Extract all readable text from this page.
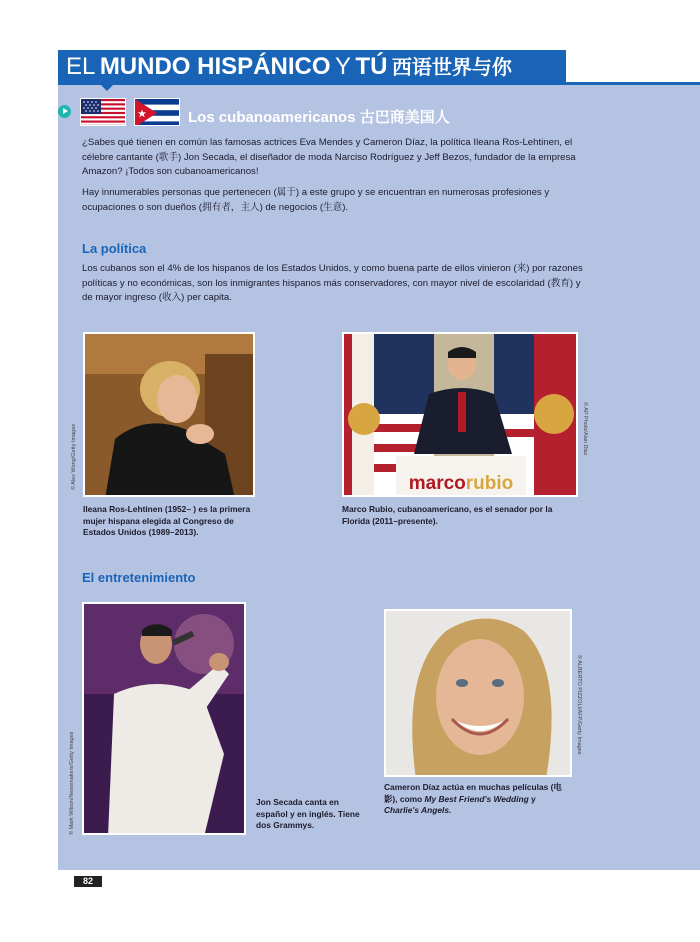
EL MUNDO HISPÁNICO Y TÚ 西语世界与你
Los cubanoamericanos 古巴商美国人

¿Sabes qué tienen en común las famosas actrices Eva Mendes y Cameron Díaz, la política Ileana Ros-Lehtinen, el célebre cantante (歌手) Jon Secada, el diseñador de moda Narciso Rodríguez y Jeff Bezos, fundador de la empresa Amazon? ¡Todos son cubanoamericanos!

Hay innumerables personas que pertenecen (属于) a este grupo y se encuentran en numerosas profesiones y ocupaciones o son dueños (拥有者，主人) de negocios (生意).

La política

Los cubanos son el 4% de los hispanos de los Estados Unidos, y como buena parte de ellos vinieron (来) por razones políticas y no económicas, son los inmigrantes hispanos más conservadores, con mayor nivel de escolaridad (教育) y de mayor ingreso (收入) per capita.

© Alex Wong/Getty Images

Ileana Ros-Lehtinen (1952– ) es la primera mujer hispana elegida al Congreso de Estados Unidos (1989–2013).

marcorubio
© AP Photo/Alan Diaz

Marco Rubio, cubanoamericano, es el senador por la Florida (2011–presente).

El entretenimiento
© Mark Wilson/Newsmakers/Getty Images	Jon Secada canta en español y en inglés. Tiene dos Grammys.

© ALBERTO PIZZOLI/AFP/Getty Images

Cameron Díaz actúa en muchas películas (电影), como My Best Friend's Wedding y Charlie's Angels.

82
